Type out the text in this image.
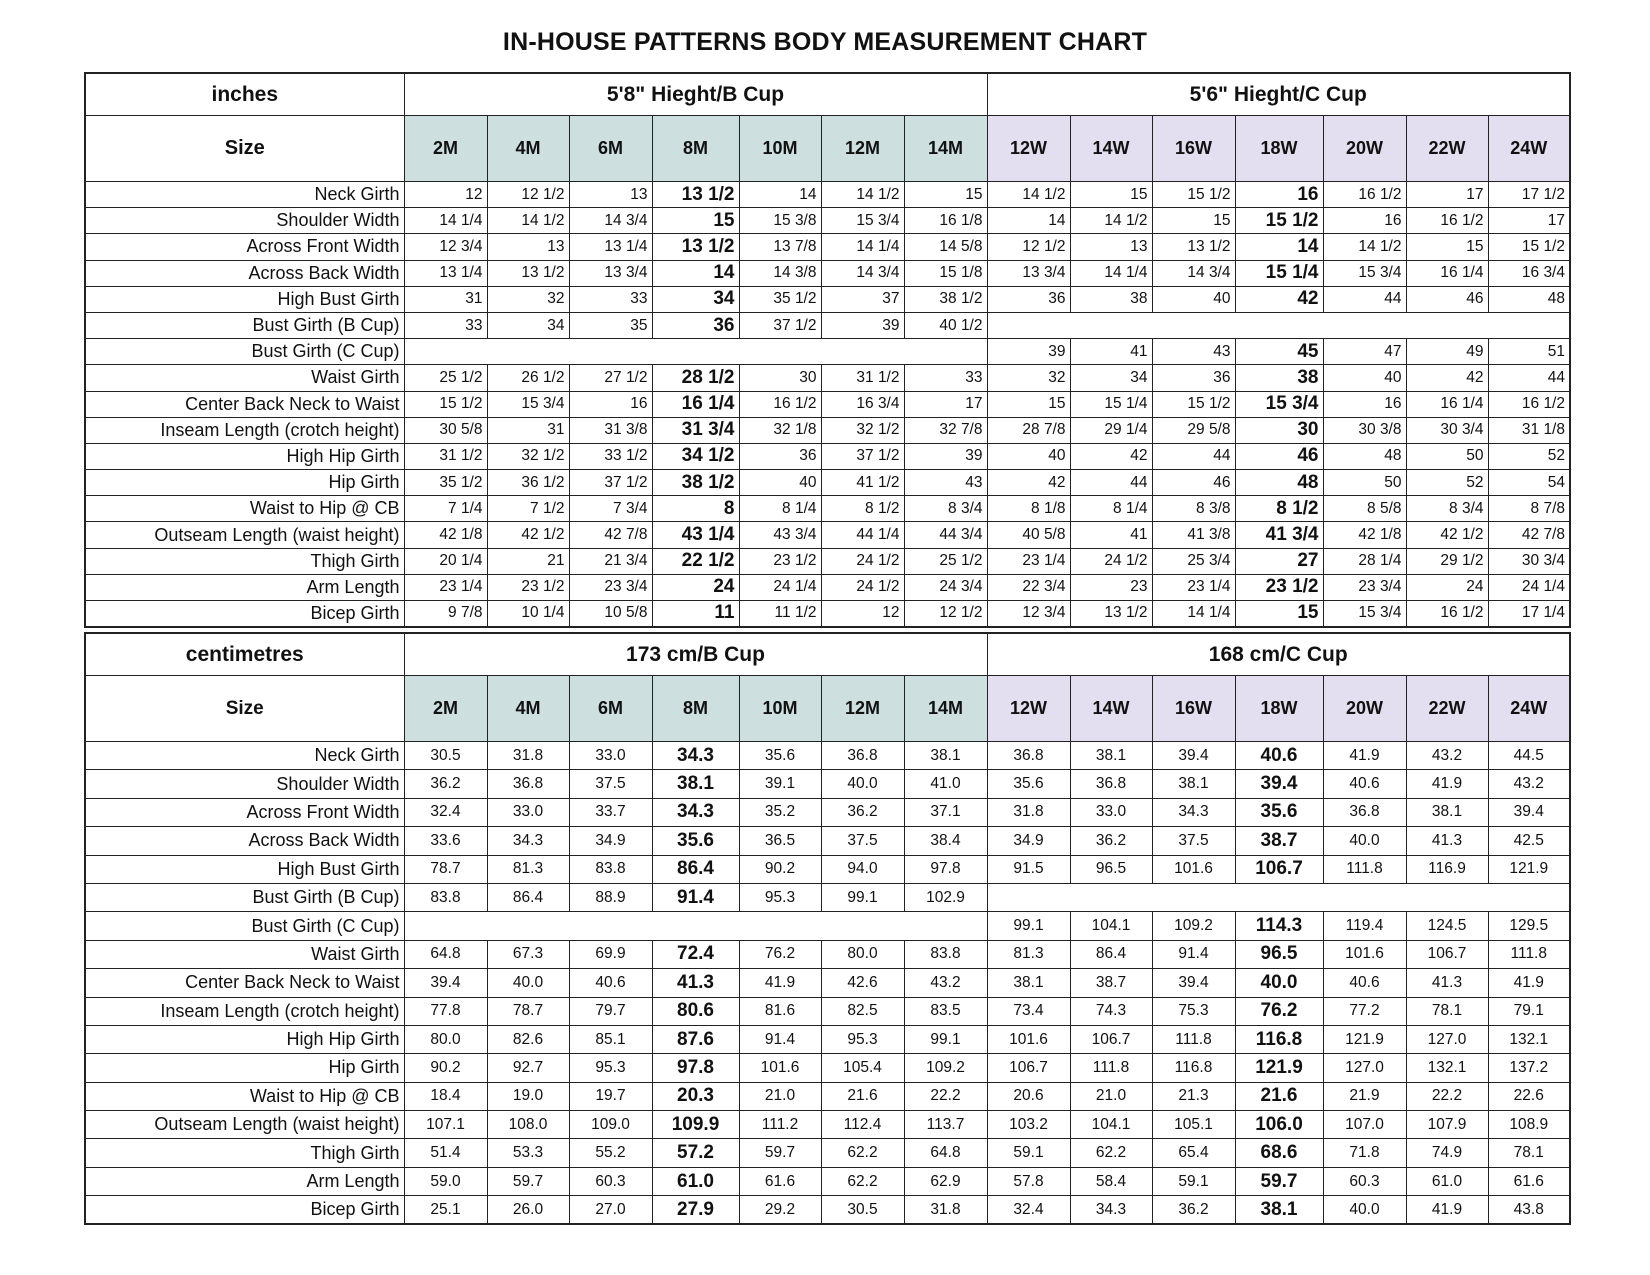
IN-HOUSE PATTERNS BODY MEASUREMENT CHART
inches	5'8" Hieght/B Cup							5'6" Hieght/C Cup						
Size	2M	4M	6M	8M	10M	12M	14M	12W	14W	16W	18W	20W	22W	24W
Neck Girth	12	12 1/2	13	13 1/2	14	14 1/2	15	14 1/2	15	15 1/2	16	16 1/2	17	17 1/2
Shoulder Width	14 1/4	14 1/2	14 3/4	15	15 3/8	15 3/4	16 1/8	14	14 1/2	15	15 1/2	16	16 1/2	17
Across Front Width	12 3/4	13	13 1/4	13 1/2	13 7/8	14 1/4	14 5/8	12 1/2	13	13 1/2	14	14 1/2	15	15 1/2
Across Back Width	13 1/4	13 1/2	13 3/4	14	14 3/8	14 3/4	15 1/8	13 3/4	14 1/4	14 3/4	15 1/4	15 3/4	16 1/4	16 3/4
High Bust Girth	31	32	33	34	35 1/2	37	38 1/2	36	38	40	42	44	46	48
Bust Girth (B Cup)	33	34	35	36	37 1/2	39	40 1/2							
Bust Girth (C Cup)								39	41	43	45	47	49	51
Waist Girth	25 1/2	26 1/2	27 1/2	28 1/2	30	31 1/2	33	32	34	36	38	40	42	44
Center Back Neck to Waist	15 1/2	15 3/4	16	16 1/4	16 1/2	16 3/4	17	15	15 1/4	15 1/2	15 3/4	16	16 1/4	16 1/2
Inseam Length (crotch height)	30 5/8	31	31 3/8	31 3/4	32 1/8	32 1/2	32 7/8	28 7/8	29 1/4	29 5/8	30	30 3/8	30 3/4	31 1/8
High Hip Girth	31 1/2	32 1/2	33 1/2	34 1/2	36	37 1/2	39	40	42	44	46	48	50	52
Hip Girth	35 1/2	36 1/2	37 1/2	38 1/2	40	41 1/2	43	42	44	46	48	50	52	54
Waist to Hip @ CB	7 1/4	7 1/2	7 3/4	8	8 1/4	8 1/2	8 3/4	8 1/8	8 1/4	8 3/8	8 1/2	8 5/8	8 3/4	8 7/8
Outseam Length (waist height)	42 1/8	42 1/2	42 7/8	43 1/4	43 3/4	44 1/4	44 3/4	40 5/8	41	41 3/8	41 3/4	42 1/8	42 1/2	42 7/8
Thigh Girth	20 1/4	21	21 3/4	22 1/2	23 1/2	24 1/2	25 1/2	23 1/4	24 1/2	25 3/4	27	28 1/4	29 1/2	30 3/4
Arm Length	23 1/4	23 1/2	23 3/4	24	24 1/4	24 1/2	24 3/4	22 3/4	23	23 1/4	23 1/2	23 3/4	24	24 1/4
Bicep Girth	9 7/8	10 1/4	10 5/8	11	11 1/2	12	12 1/2	12 3/4	13 1/2	14 1/4	15	15 3/4	16 1/2	17 1/4
centimetres	173 cm/B Cup							168 cm/C Cup						
Size	2M	4M	6M	8M	10M	12M	14M	12W	14W	16W	18W	20W	22W	24W
Neck Girth	30.5	31.8	33.0	34.3	35.6	36.8	38.1	36.8	38.1	39.4	40.6	41.9	43.2	44.5
Shoulder Width	36.2	36.8	37.5	38.1	39.1	40.0	41.0	35.6	36.8	38.1	39.4	40.6	41.9	43.2
Across Front Width	32.4	33.0	33.7	34.3	35.2	36.2	37.1	31.8	33.0	34.3	35.6	36.8	38.1	39.4
Across Back Width	33.6	34.3	34.9	35.6	36.5	37.5	38.4	34.9	36.2	37.5	38.7	40.0	41.3	42.5
High Bust Girth	78.7	81.3	83.8	86.4	90.2	94.0	97.8	91.5	96.5	101.6	106.7	111.8	116.9	121.9
Bust Girth (B Cup)	83.8	86.4	88.9	91.4	95.3	99.1	102.9							
Bust Girth (C Cup)								99.1	104.1	109.2	114.3	119.4	124.5	129.5
Waist Girth	64.8	67.3	69.9	72.4	76.2	80.0	83.8	81.3	86.4	91.4	96.5	101.6	106.7	111.8
Center Back Neck to Waist	39.4	40.0	40.6	41.3	41.9	42.6	43.2	38.1	38.7	39.4	40.0	40.6	41.3	41.9
Inseam Length (crotch height)	77.8	78.7	79.7	80.6	81.6	82.5	83.5	73.4	74.3	75.3	76.2	77.2	78.1	79.1
High Hip Girth	80.0	82.6	85.1	87.6	91.4	95.3	99.1	101.6	106.7	111.8	116.8	121.9	127.0	132.1
Hip Girth	90.2	92.7	95.3	97.8	101.6	105.4	109.2	106.7	111.8	116.8	121.9	127.0	132.1	137.2
Waist to Hip @ CB	18.4	19.0	19.7	20.3	21.0	21.6	22.2	20.6	21.0	21.3	21.6	21.9	22.2	22.6
Outseam Length (waist height)	107.1	108.0	109.0	109.9	111.2	112.4	113.7	103.2	104.1	105.1	106.0	107.0	107.9	108.9
Thigh Girth	51.4	53.3	55.2	57.2	59.7	62.2	64.8	59.1	62.2	65.4	68.6	71.8	74.9	78.1
Arm Length	59.0	59.7	60.3	61.0	61.6	62.2	62.9	57.8	58.4	59.1	59.7	60.3	61.0	61.6
Bicep Girth	25.1	26.0	27.0	27.9	29.2	30.5	31.8	32.4	34.3	36.2	38.1	40.0	41.9	43.8
